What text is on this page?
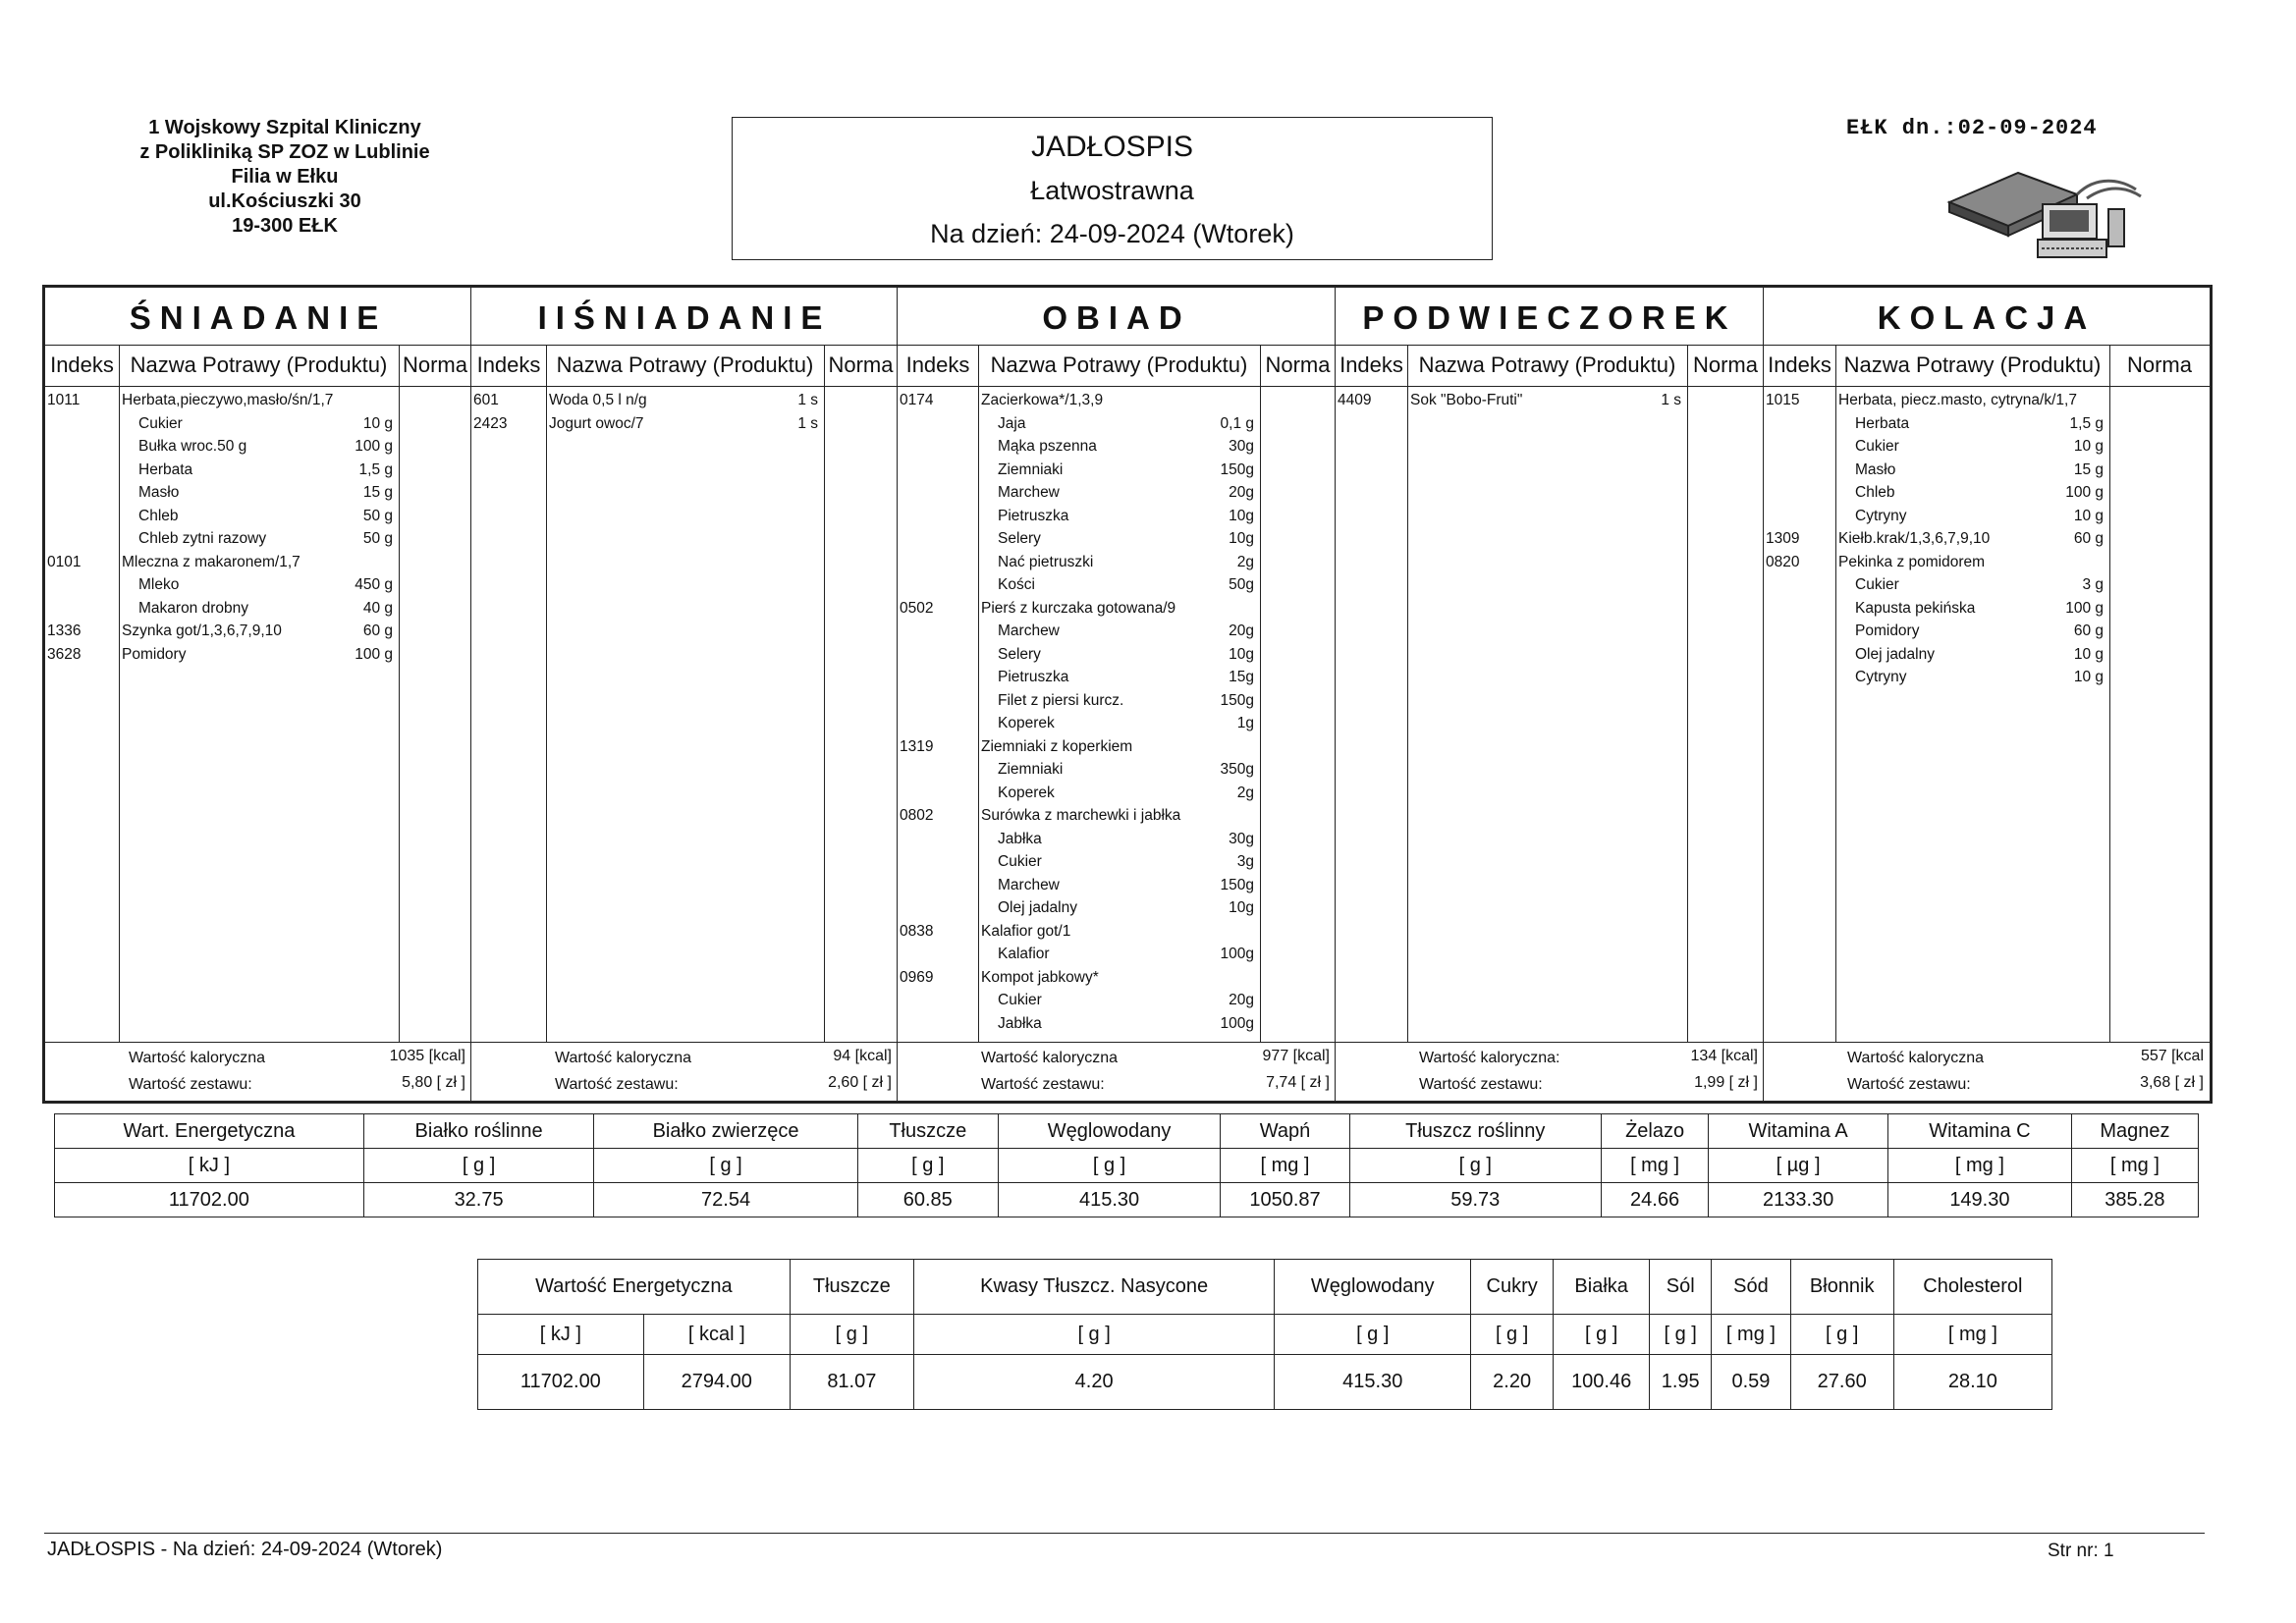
1 Wojskowy Szpital Kliniczny
z Polikliniką SP ZOZ w Lublinie
Filia w Ełku
ul.Kościuszki 30
19-300 EŁK
JADŁOSPIS
Łatwostrawna
Na dzień: 24-09-2024 (Wtorek)
EŁK dn.:02-09-2024
ŚNIADANIE
Indeks Nazwa Potrawy (Produktu) Norma
1011	Herbata,pieczywo,masło/śn/1,7
Cukier	10 g
Bułka wroc.50 g	100 g
Herbata	1,5 g
Masło	15 g
Chleb	50 g
Chleb zytni razowy	50 g
0101	Mleczna z makaronem/1,7
Mleko	450 g
Makaron drobny	40 g
1336	Szynka got/1,3,6,7,9,10	60 g
3628	Pomidory	100 g
Wartość kaloryczna	1035 [kcal]
Wartość zestawu:	5,80 [ zł ]
IIŚNIADANIE
Indeks Nazwa Potrawy (Produktu) Norma
601	Woda 0,5 l n/g	1 s
2423	Jogurt owoc/7	1 s
Wartość kaloryczna	94 [kcal]
Wartość zestawu:	2,60 [ zł ]
OBIAD
Indeks Nazwa Potrawy (Produktu) Norma
0174	Zacierkowa*/1,3,9
Jaja	0,1 g
Mąka pszenna	30g
Ziemniaki	150g
Marchew	20g
Pietruszka	10g
Selery	10g
Nać pietruszki	2g
Kości	50g
0502	Pierś z kurczaka gotowana/9
Marchew	20g
Selery	10g
Pietruszka	15g
Filet z piersi kurcz.	150g
Koperek	1g
1319	Ziemniaki z koperkiem
Ziemniaki	350g
Koperek	2g
0802	Surówka z marchewki i jabłka
Jabłka	30g
Cukier	3g
Marchew	150g
Olej jadalny	10g
0838	Kalafior got/1
Kalafior	100g
0969	Kompot jabkowy*
Cukier	20g
Jabłka	100g
Wartość kaloryczna	977 [kcal]
Wartość zestawu:	7,74 [ zł ]
PODWIECZOREK
Indeks Nazwa Potrawy (Produktu) Norma
4409	Sok "Bobo-Fruti"	1 s
Wartość kaloryczna:	134 [kcal]
Wartość zestawu:	1,99 [ zł ]
KOLACJA
Indeks Nazwa Potrawy (Produktu)	Norma
1015	Herbata, piecz.masto, cytryna/k/1,7
Herbata	1,5 g
Cukier	10 g
Masło	15 g
Chleb	100 g
Cytryny	10 g
1309	Kiełb.krak/1,3,6,7,9,10	60 g
0820	Pekinka z pomidorem
Cukier	3 g
Kapusta pekińska	100 g
Pomidory	60 g
Olej jadalny	10 g
Cytryny	10 g
Wartość kaloryczna	557 [kcal
Wartość zestawu:	3,68 [ zł ]
Wart. Energetyczna	Białko roślinne	Białko zwierzęce	Tłuszcze	Węglowodany	Wapń	Tłuszcz roślinny	Żelazo	Witamina A	Witamina C	Magnez
[ kJ ]	[ g ]	[ g ]	[ g ]	[ g ]	[ mg ]	[ g ]	[ mg ]	[ µg ]	[ mg ]	[ mg ]
11702.00	32.75	72.54	60.85	415.30	1050.87	59.73	24.66	2133.30	149.30	385.28
Wartość Energetyczna		Tłuszcze	Kwasy Tłuszcz. Nasycone	Węglowodany	Cukry	Białka	Sól	Sód	Błonnik	Cholesterol
[ kJ ]	[ kcal ]	[ g ]	[ g ]	[ g ]	[ g ]	[ g ]	[ g ]	[ mg ]	[ g ]	[ mg ]
11702.00	2794.00	81.07	4.20	415.30	2.20	100.46	1.95	0.59	27.60	28.10
JADŁOSPIS - Na dzień: 24-09-2024 (Wtorek)	Str nr: 1
